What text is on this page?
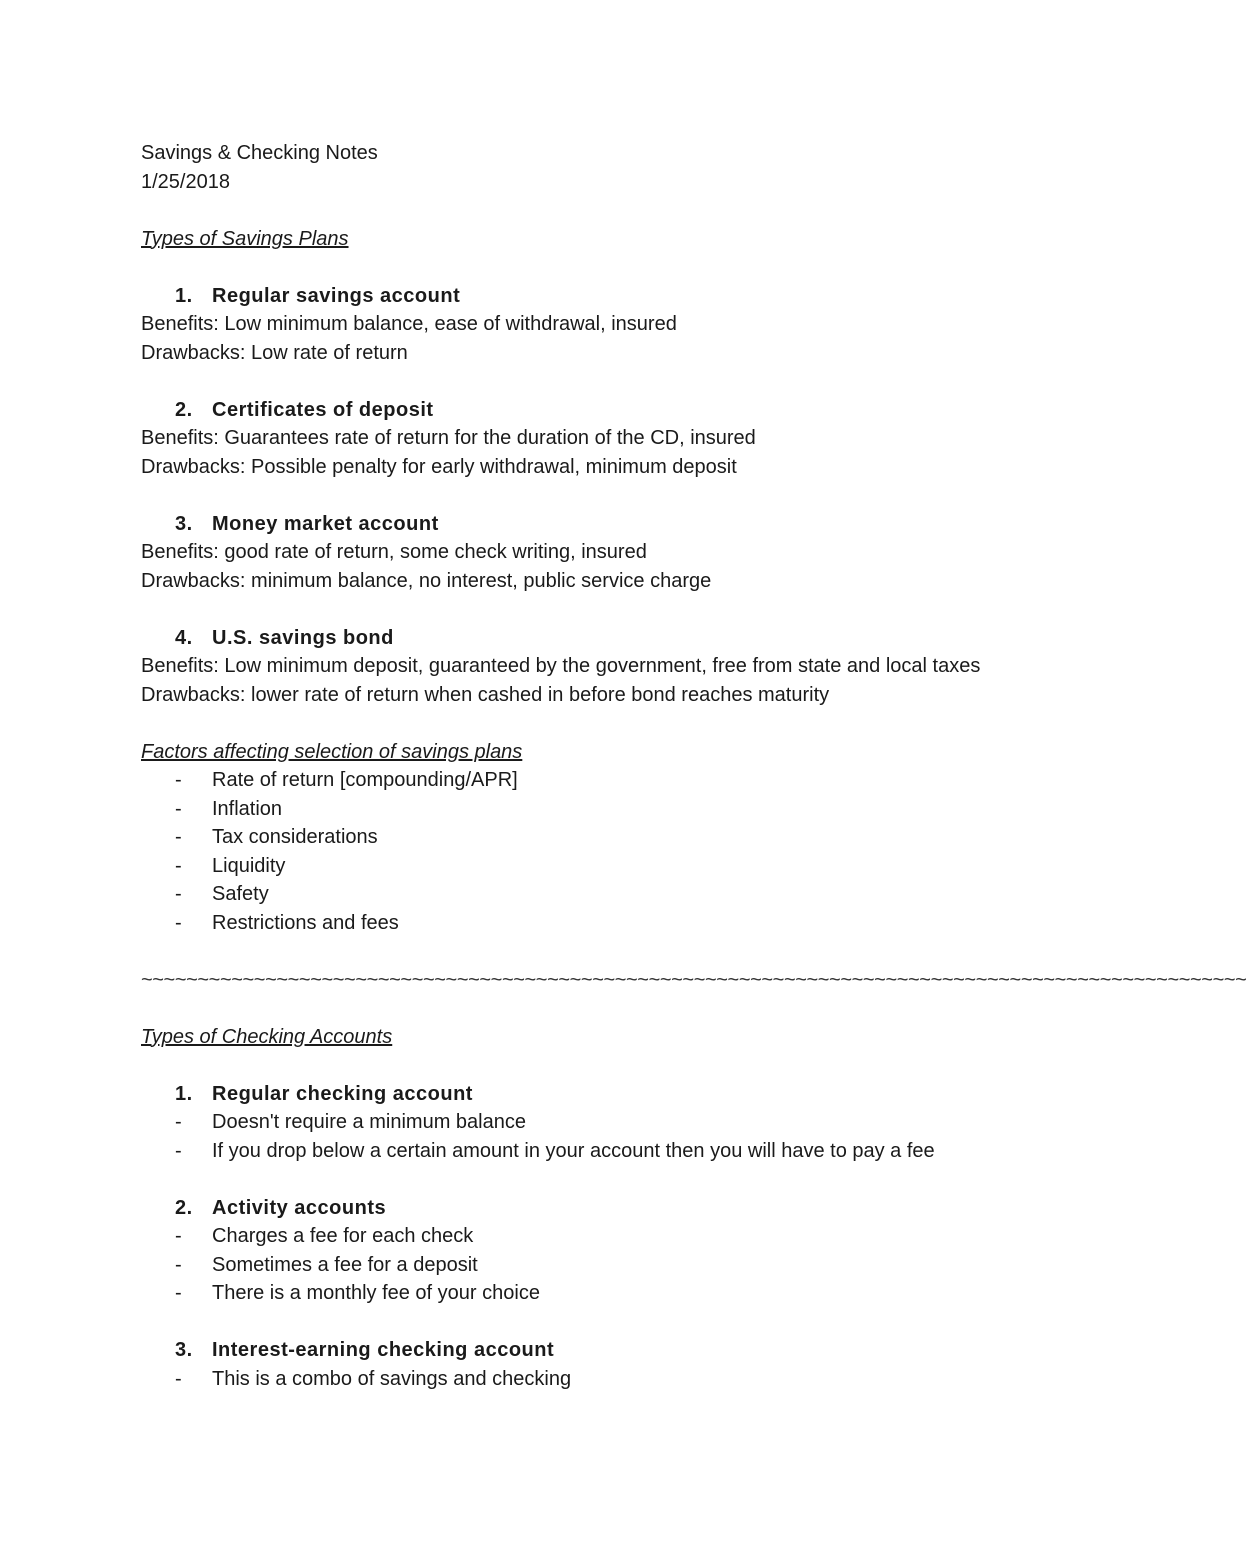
Savings & Checking Notes
1/25/2018
Types of Savings Plans
1. Regular savings account
Benefits: Low minimum balance, ease of withdrawal, insured
Drawbacks: Low rate of return
2. Certificates of deposit
Benefits: Guarantees rate of return for the duration of the CD, insured
Drawbacks: Possible penalty for early withdrawal, minimum deposit
3. Money market account
Benefits: good rate of return, some check writing, insured
Drawbacks: minimum balance, no interest, public service charge
4. U.S. savings bond
Benefits: Low minimum deposit, guaranteed by the government, free from state and local taxes
Drawbacks: lower rate of return when cashed in before bond reaches maturity
Factors affecting selection of savings plans
- Rate of return [compounding/APR]
- Inflation
- Tax considerations
- Liquidity
- Safety
- Restrictions and fees
~~~~~~~~~~~~~~~~~~~~~~~~~~~~~~~~~~~~~~~~~~~~~~~~~~~~~~~~~~~~~~~~~~~~~~~~~~~~~~~~~~~~~~~~~~~~~~~~~~
Types of Checking Accounts
1. Regular checking account
- Doesn't require a minimum balance
- If you drop below a certain amount in your account then you will have to pay a fee
2. Activity accounts
- Charges a fee for each check
- Sometimes a fee for a deposit
- There is a monthly fee of your choice
3. Interest-earning checking account
- This is a combo of savings and checking
